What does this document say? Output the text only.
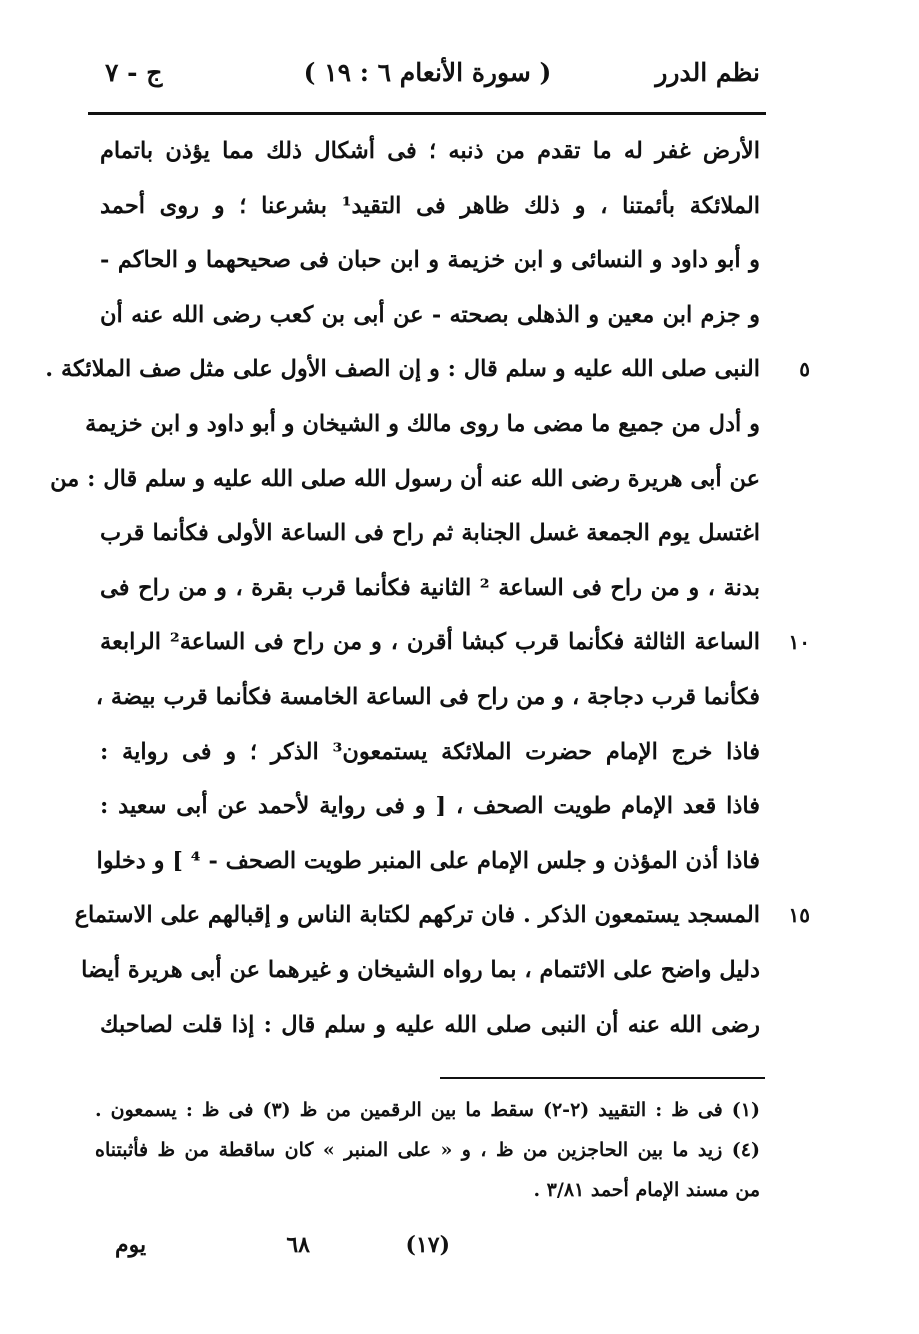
نظم الدرر
( سورة الأنعام ٦ : ١٩ )
ج - ٧
الأرض غفر له ما تقدم من ذنبه ؛ فى أشكال ذلك مما يؤذن باتمام
الملائكة بأئمتنا ، و ذلك ظاهر فى التقيد¹ بشرعنا ؛ و روى أحمد
و أبو داود و النسائى و ابن خزيمة و ابن حبان فى صحيحهما و الحاكم -
و جزم ابن معين و الذهلى بصحته - عن أبى بن كعب رضى الله عنه أن
٥
النبى صلى الله عليه و سلم قال : و إن الصف الأول على مثل صف الملائكة .
و أدل من جميع ما مضى ما روى مالك و الشيخان و أبو داود و ابن خزيمة
عن أبى هريرة رضى الله عنه أن رسول الله صلى الله عليه و سلم قال : من
اغتسل يوم الجمعة غسل الجنابة ثم راح فى الساعة الأولى فكأنما قرب
بدنة ، و من راح فى الساعة ² الثانية فكأنما قرب بقرة ، و من راح فى
١٠
الساعة الثالثة فكأنما قرب كبشا أقرن ، و من راح فى الساعة² الرابعة
فكأنما قرب دجاجة ، و من راح فى الساعة الخامسة فكأنما قرب بيضة ،
فاذا خرج الإمام حضرت الملائكة يستمعون³ الذكر ؛ و فى رواية :
فاذا قعد الإمام طويت الصحف ، [ و فى رواية لأحمد عن أبى سعيد :
فاذا أذن المؤذن و جلس الإمام على المنبر طويت الصحف - ⁴ ] و دخلوا
١٥
المسجد يستمعون الذكر . فان تركهم لكتابة الناس و إقبالهم على الاستماع
دليل واضح على الائتمام ، بما رواه الشيخان و غيرهما عن أبى هريرة أيضا
رضى الله عنه أن النبى صلى الله عليه و سلم قال : إذا قلت لصاحبك
(١) فى ظ : التقييد (٢-٢) سقط ما بين الرقمين من ظ (٣) فى ظ : يسمعون .
(٤) زيد ما بين الحاجزين من ظ ، و « على المنبر » كان ساقطة من ظ فأثبتناه
من مسند الإمام أحمد ٣/٨١ .
(١٧)
٦٨
يوم
